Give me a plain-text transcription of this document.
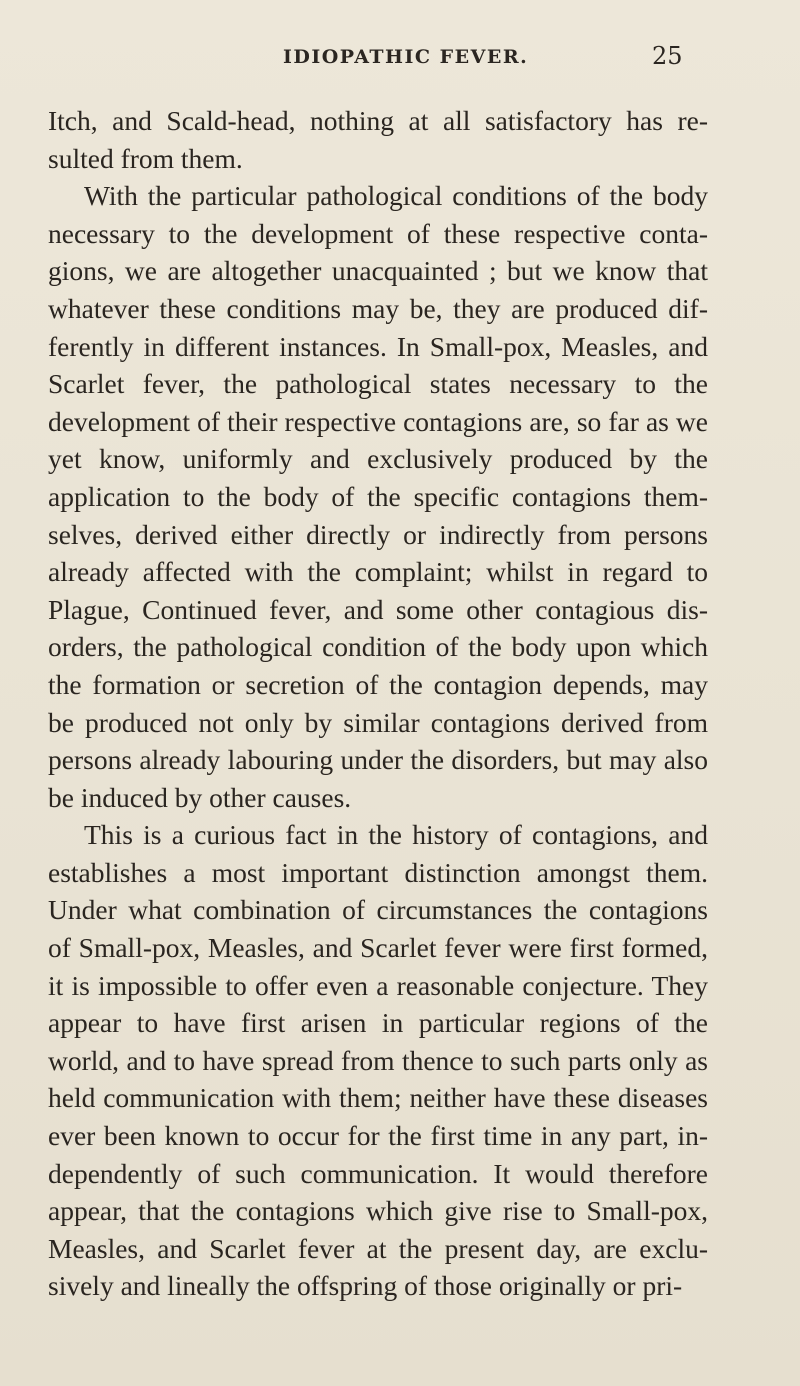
IDIOPATHIC FEVER.	25

Itch, and Scald-head, nothing at all satisfactory has re-sulted from them.

With the particular pathological conditions of the body necessary to the development of these respective conta-gions, we are altogether unacquainted ; but we know that whatever these conditions may be, they are produced dif-ferently in different instances. In Small-pox, Measles, and Scarlet fever, the pathological states necessary to the development of their respective contagions are, so far as we yet know, uniformly and exclusively produced by the application to the body of the specific contagions them-selves, derived either directly or indirectly from persons already affected with the complaint; whilst in regard to Plague, Continued fever, and some other contagious dis-orders, the pathological condition of the body upon which the formation or secretion of the contagion depends, may be produced not only by similar contagions derived from persons already labouring under the disorders, but may also be induced by other causes.

This is a curious fact in the history of contagions, and establishes a most important distinction amongst them. Under what combination of circumstances the contagions of Small-pox, Measles, and Scarlet fever were first formed, it is impossible to offer even a reasonable conjecture. They appear to have first arisen in particular regions of the world, and to have spread from thence to such parts only as held communication with them; neither have these diseases ever been known to occur for the first time in any part, in-dependently of such communication. It would therefore appear, that the contagions which give rise to Small-pox, Measles, and Scarlet fever at the present day, are exclu-sively and lineally the offspring of those originally or pri-
